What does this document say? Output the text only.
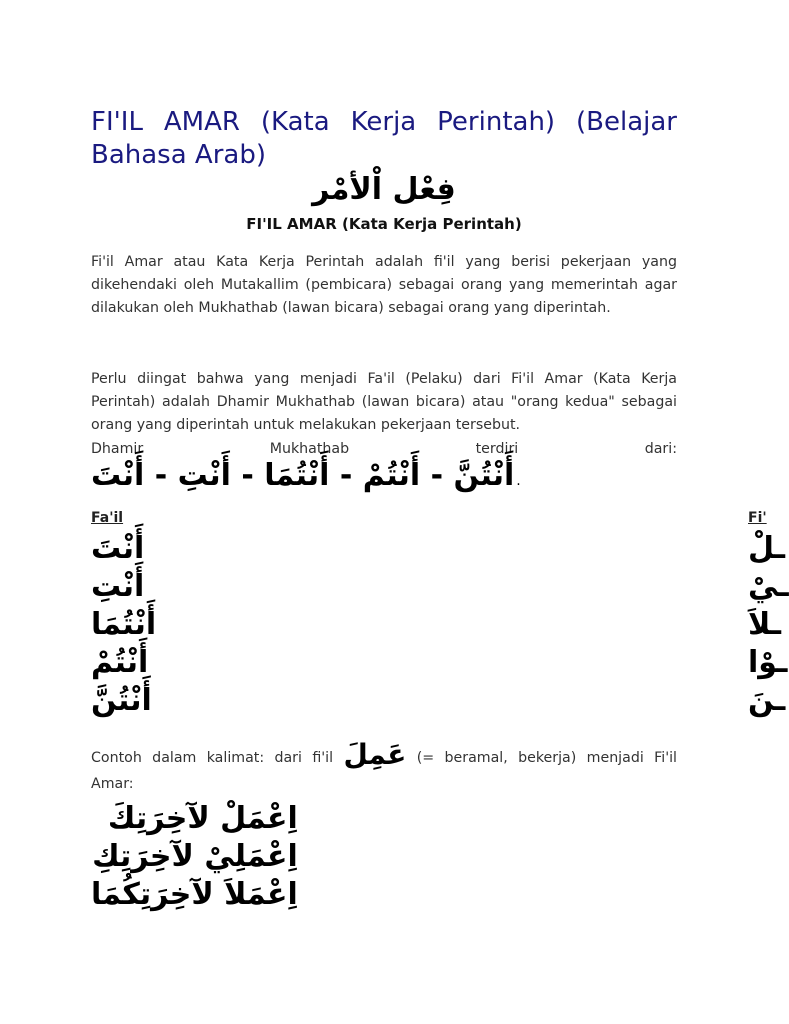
FI'IL AMAR (Kata Kerja Perintah) (Belajar Bahasa Arab)
فِعْل اْلأمْر
FI'IL AMAR (Kata Kerja Perintah)

Fi'il Amar atau Kata Kerja Perintah adalah fi'il yang berisi pekerjaan yang dikehendaki oleh Mutakallim (pembicara) sebagai orang yang memerintah agar dilakukan oleh Mukhathab (lawan bicara) sebagai orang yang diperintah.

Perlu diingat bahwa yang menjadi Fa'il (Pelaku) dari Fi'il Amar (Kata Kerja Perintah) adalah Dhamir Mukhathab (lawan bicara) atau "orang kedua" sebagai orang yang diperintah untuk melakukan pekerjaan tersebut.
Dhamir Mukhathab terdiri dari:

أَنْتُنَّ - أَنْتُمْ - أَنْتُمَا - أَنْتِ - أَنْتَ .
Fa'il
أَنْتَ
أَنْتِ
أَنْتُمَا
أَنْتُمْ
أَنْتُنَّ
Fi'
ـلْ
ـيْ
ـلاَ
ـوْا
ـنَ

Contoh dalam kalimat: dari fi'il عَمِلَ (= beramal, bekerja) menjadi Fi'il
Amar:

اِعْمَلْ لآخِرَتِكَ
اِعْمَلِيْ لآخِرَتِكِ
اِعْمَلاَ لآخِرَتِكُمَا
